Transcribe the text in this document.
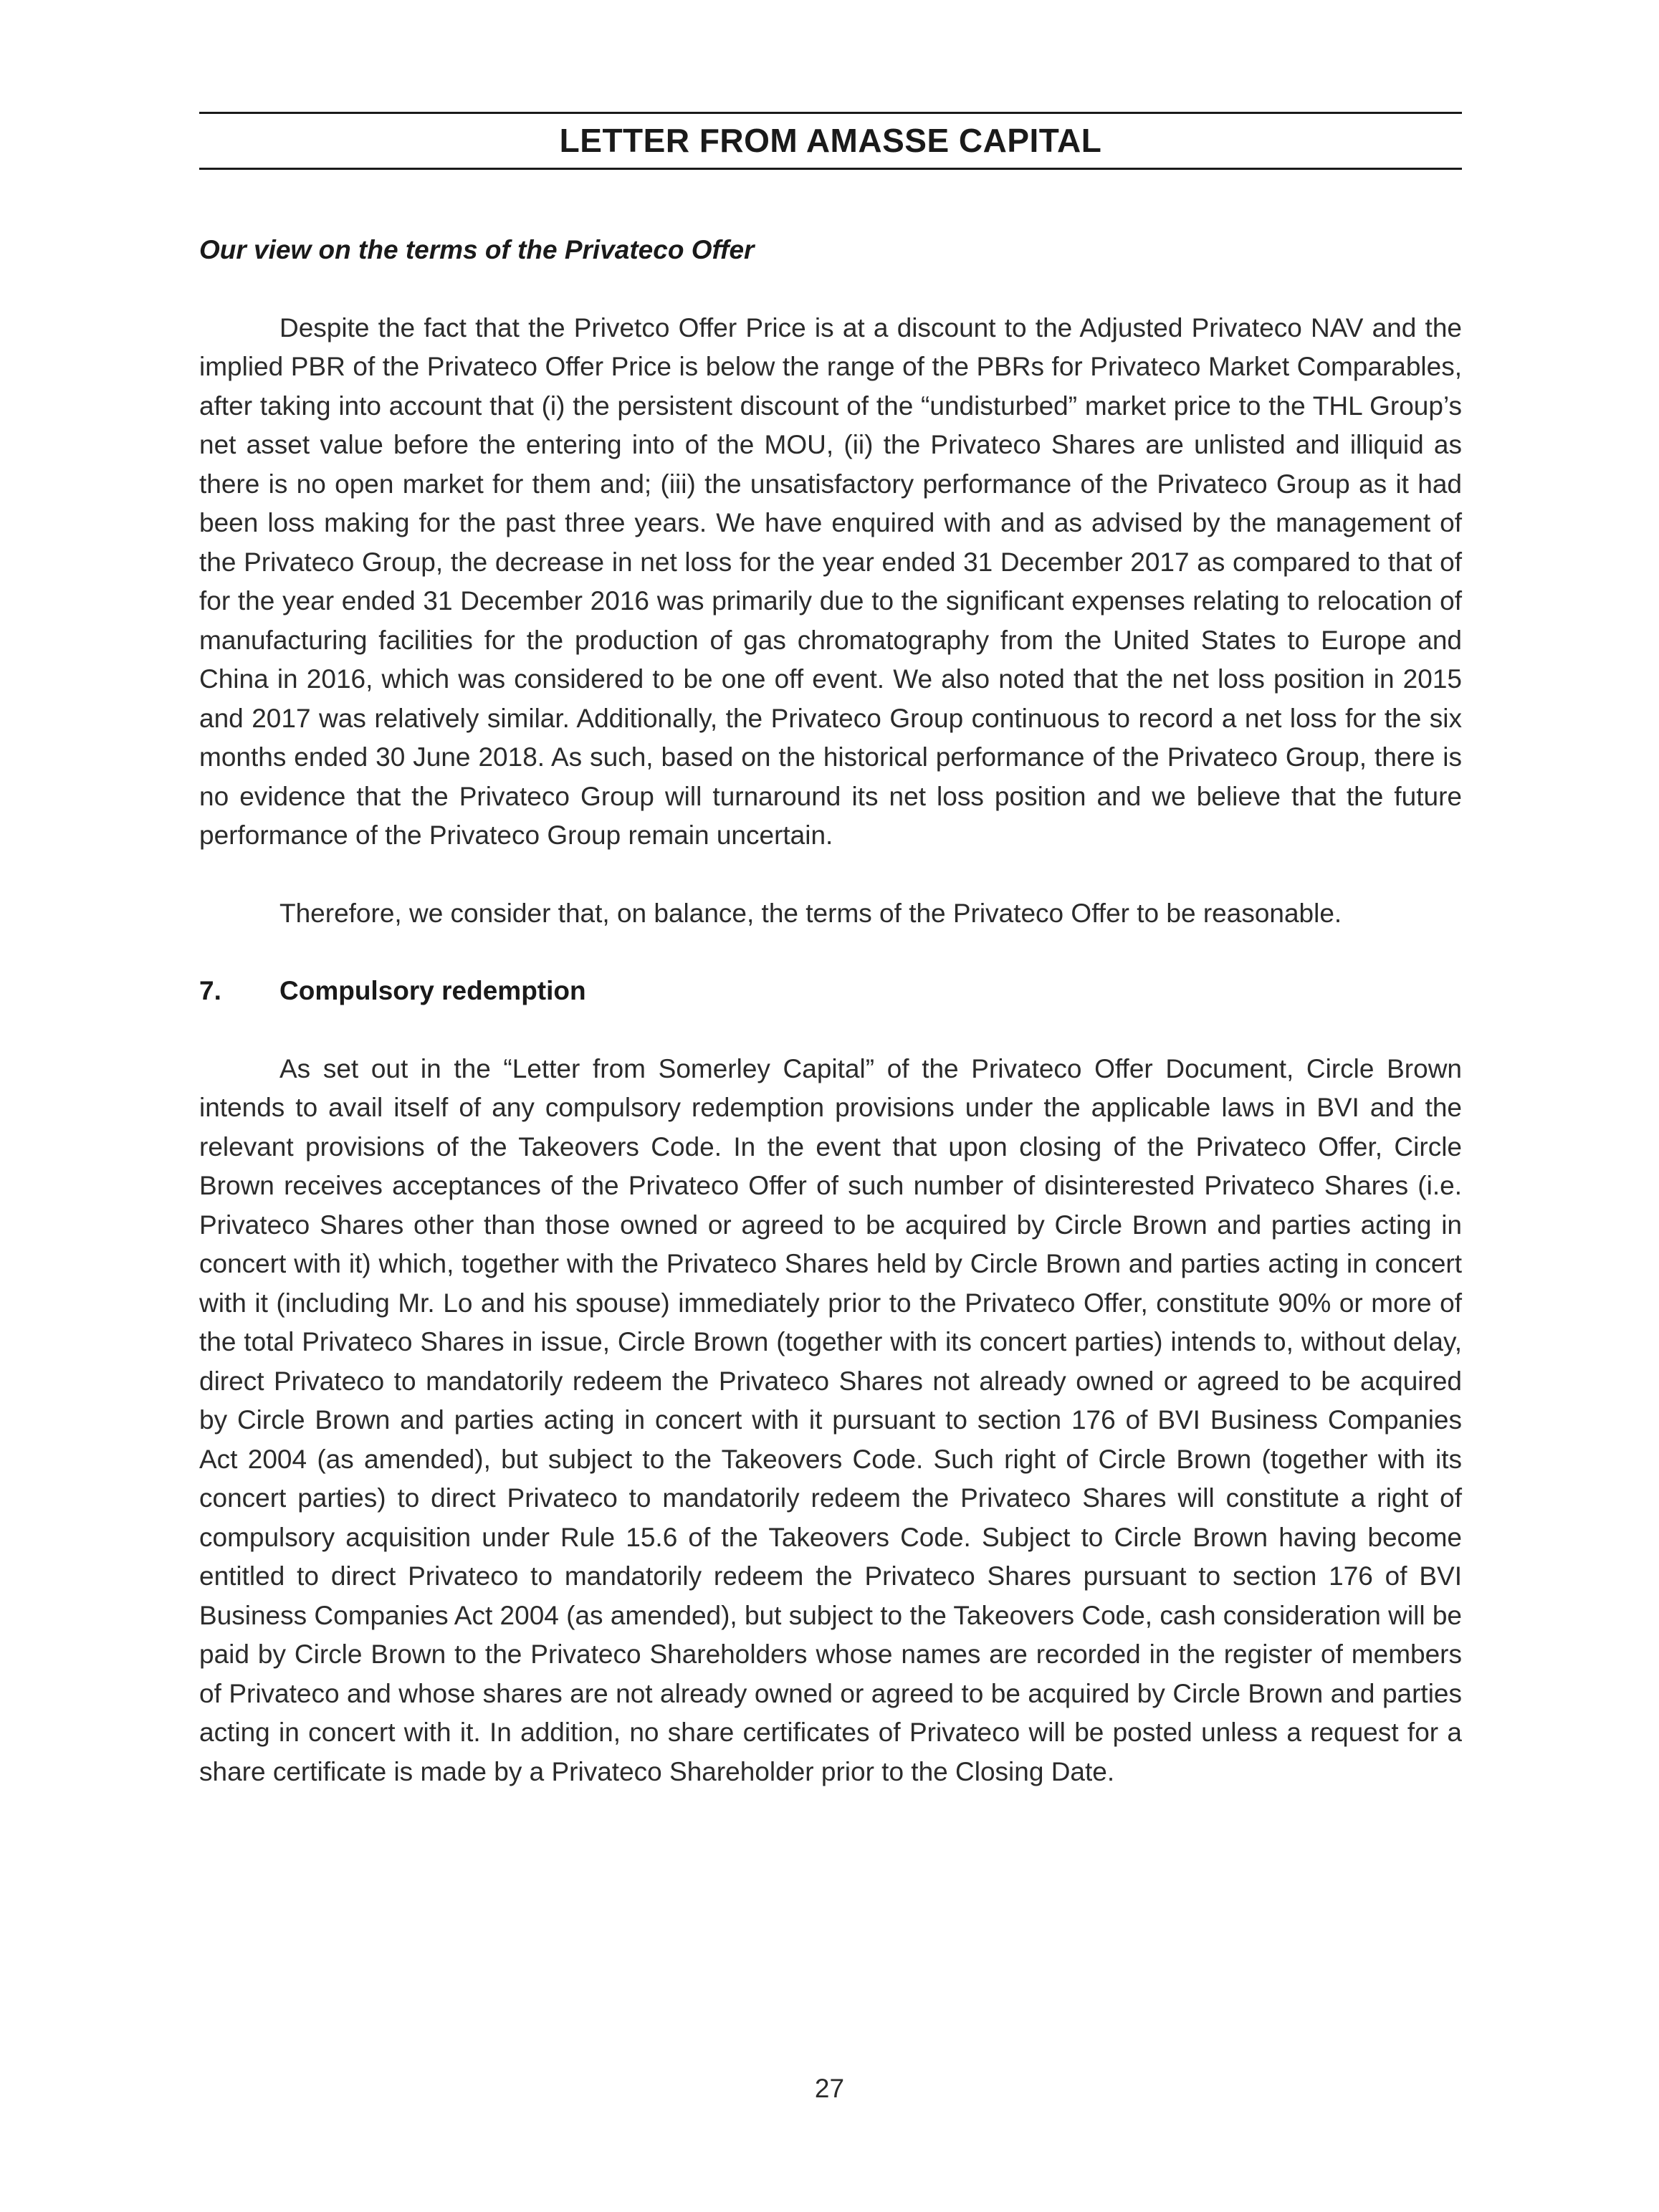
LETTER FROM AMASSE CAPITAL
Our view on the terms of the Privateco Offer

Despite the fact that the Privetco Offer Price is at a discount to the Adjusted Privateco NAV and the implied PBR of the Privateco Offer Price is below the range of the PBRs for Privateco Market Comparables, after taking into account that (i) the persistent discount of the “undisturbed” market price to the THL Group’s net asset value before the entering into of the MOU, (ii) the Privateco Shares are unlisted and illiquid as there is no open market for them and; (iii) the unsatisfactory performance of the Privateco Group as it had been loss making for the past three years. We have enquired with and as advised by the management of the Privateco Group, the decrease in net loss for the year ended 31 December 2017 as compared to that of for the year ended 31 December 2016 was primarily due to the significant expenses relating to relocation of manufacturing facilities for the production of gas chromatography from the United States to Europe and China in 2016, which was considered to be one off event. We also noted that the net loss position in 2015 and 2017 was relatively similar. Additionally, the Privateco Group continuous to record a net loss for the six months ended 30 June 2018. As such, based on the historical performance of the Privateco Group, there is no evidence that the Privateco Group will turnaround its net loss position and we believe that the future performance of the Privateco Group remain uncertain.

Therefore, we consider that, on balance, the terms of the Privateco Offer to be reasonable.

7.	Compulsory redemption

As set out in the “Letter from Somerley Capital” of the Privateco Offer Document, Circle Brown intends to avail itself of any compulsory redemption provisions under the applicable laws in BVI and the relevant provisions of the Takeovers Code. In the event that upon closing of the Privateco Offer, Circle Brown receives acceptances of the Privateco Offer of such number of disinterested Privateco Shares (i.e. Privateco Shares other than those owned or agreed to be acquired by Circle Brown and parties acting in concert with it) which, together with the Privateco Shares held by Circle Brown and parties acting in concert with it (including Mr. Lo and his spouse) immediately prior to the Privateco Offer, constitute 90% or more of the total Privateco Shares in issue, Circle Brown (together with its concert parties) intends to, without delay, direct Privateco to mandatorily redeem the Privateco Shares not already owned or agreed to be acquired by Circle Brown and parties acting in concert with it pursuant to section 176 of BVI Business Companies Act 2004 (as amended), but subject to the Takeovers Code. Such right of Circle Brown (together with its concert parties) to direct Privateco to mandatorily redeem the Privateco Shares will constitute a right of compulsory acquisition under Rule 15.6 of the Takeovers Code. Subject to Circle Brown having become entitled to direct Privateco to mandatorily redeem the Privateco Shares pursuant to section 176 of BVI Business Companies Act 2004 (as amended), but subject to the Takeovers Code, cash consideration will be paid by Circle Brown to the Privateco Shareholders whose names are recorded in the register of members of Privateco and whose shares are not already owned or agreed to be acquired by Circle Brown and parties acting in concert with it. In addition, no share certificates of Privateco will be posted unless a request for a share certificate is made by a Privateco Shareholder prior to the Closing Date.

27
